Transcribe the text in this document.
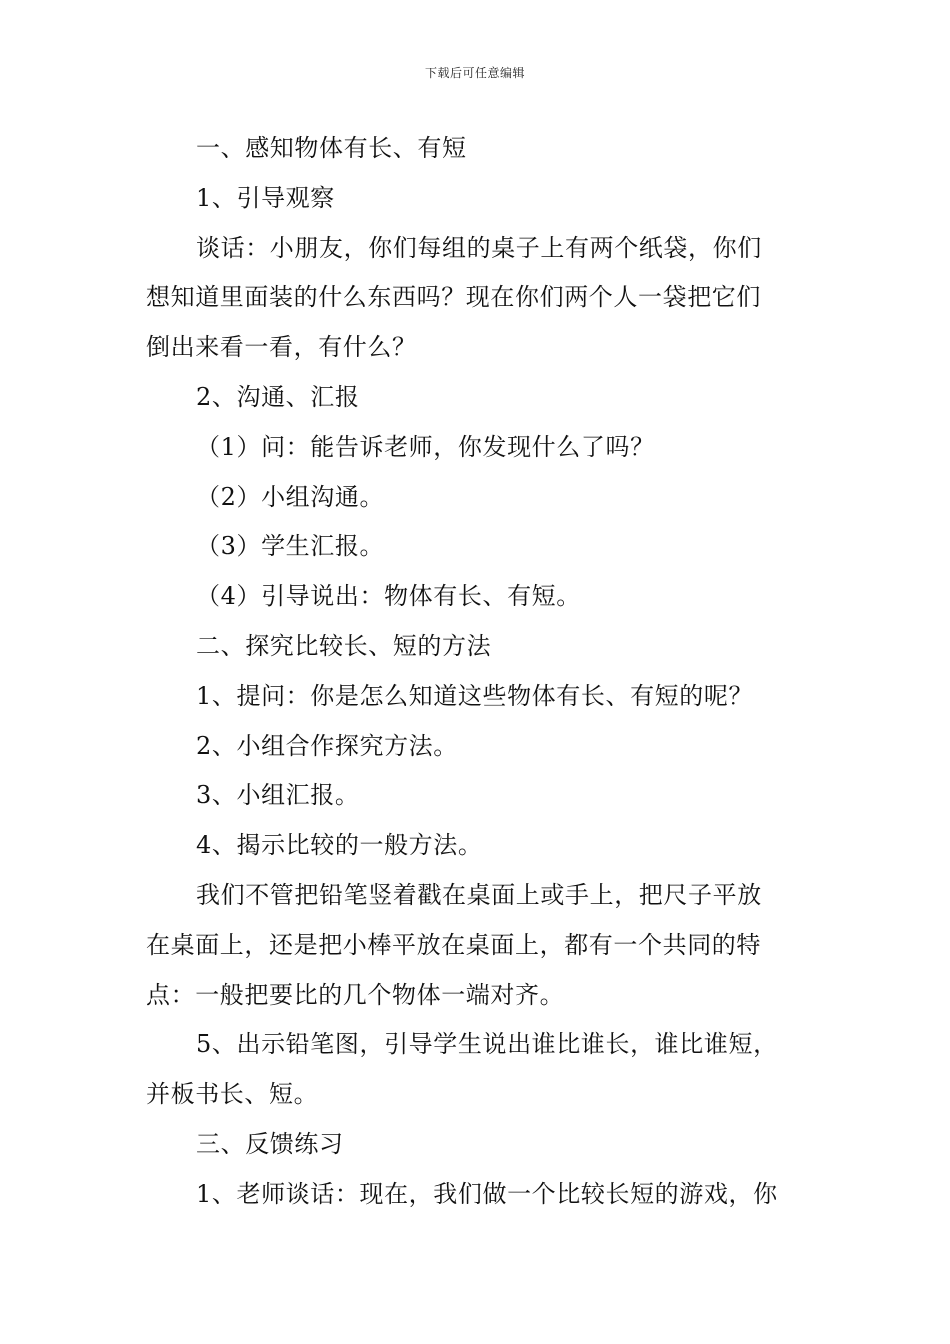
下载后可任意编辑
一、感知物体有长、有短
1、引导观察
谈话：小朋友，你们每组的桌子上有两个纸袋，你们
想知道里面装的什么东西吗？现在你们两个人一袋把它们
倒出来看一看，有什么？
2、沟通、汇报
（1）问：能告诉老师，你发现什么了吗？
（2）小组沟通。
（3）学生汇报。
（4）引导说出：物体有长、有短。
二、探究比较长、短的方法
1、提问：你是怎么知道这些物体有长、有短的呢？
2、小组合作探究方法。
3、小组汇报。
4、揭示比较的一般方法。
我们不管把铅笔竖着戳在桌面上或手上，把尺子平放
在桌面上，还是把小棒平放在桌面上，都有一个共同的特
点：一般把要比的几个物体一端对齐。
5、出示铅笔图，引导学生说出谁比谁长，谁比谁短，
并板书长、短。
三、反馈练习
1、老师谈话：现在，我们做一个比较长短的游戏，你
